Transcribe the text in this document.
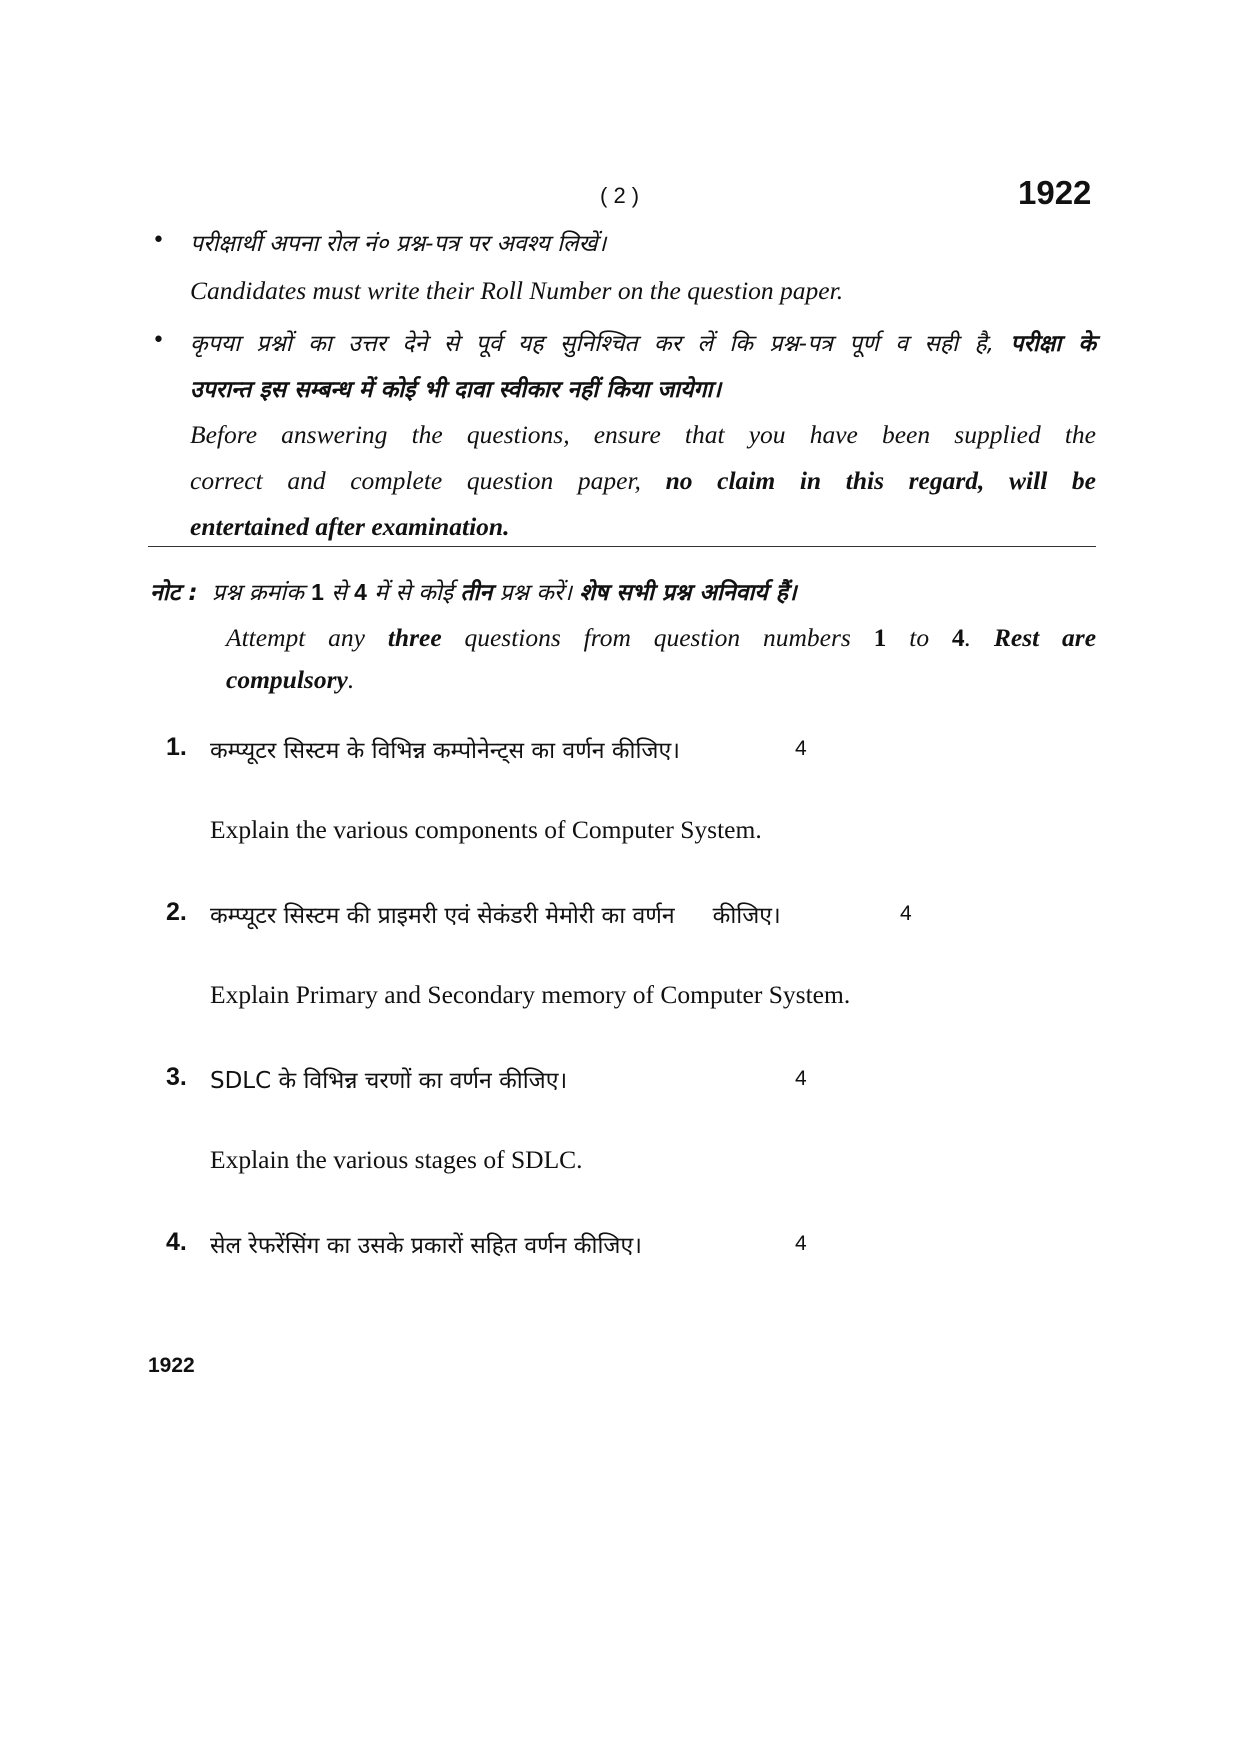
( 2 )	1922
• परीक्षार्थी अपना रोल नं० प्रश्न-पत्र पर अवश्य लिखें।
Candidates must write their Roll Number on the question paper.
• कृपया प्रश्नों का उत्तर देने से पूर्व यह सुनिश्चित कर लें कि प्रश्न-पत्र पूर्ण व सही है, परीक्षा के
उपरान्त इस सम्बन्ध में कोई भी दावा स्वीकार नहीं किया जायेगा।
Before answering the questions, ensure that you have been supplied the
correct and complete question paper, no claim in this regard, will be
entertained after examination.
नोट : प्रश्न क्रमांक 1 से 4 में से कोई तीन प्रश्न करें। शेष सभी प्रश्न अनिवार्य हैं।
Attempt any three questions from question numbers 1 to 4. Rest are
compulsory.
1. कम्प्यूटर सिस्टम के विभिन्न कम्पोनेन्ट्स का वर्णन कीजिए।	4
Explain the various components of Computer System.
2. कम्प्यूटर सिस्टम की प्राइमरी एवं सेकंडरी मेमोरी का वर्णन कीजिए।	4
Explain Primary and Secondary memory of Computer System.
3. SDLC के विभिन्न चरणों का वर्णन कीजिए।	4
Explain the various stages of SDLC.
4. सेल रेफरेंसिंग का उसके प्रकारों सहित वर्णन कीजिए।	4
1922
